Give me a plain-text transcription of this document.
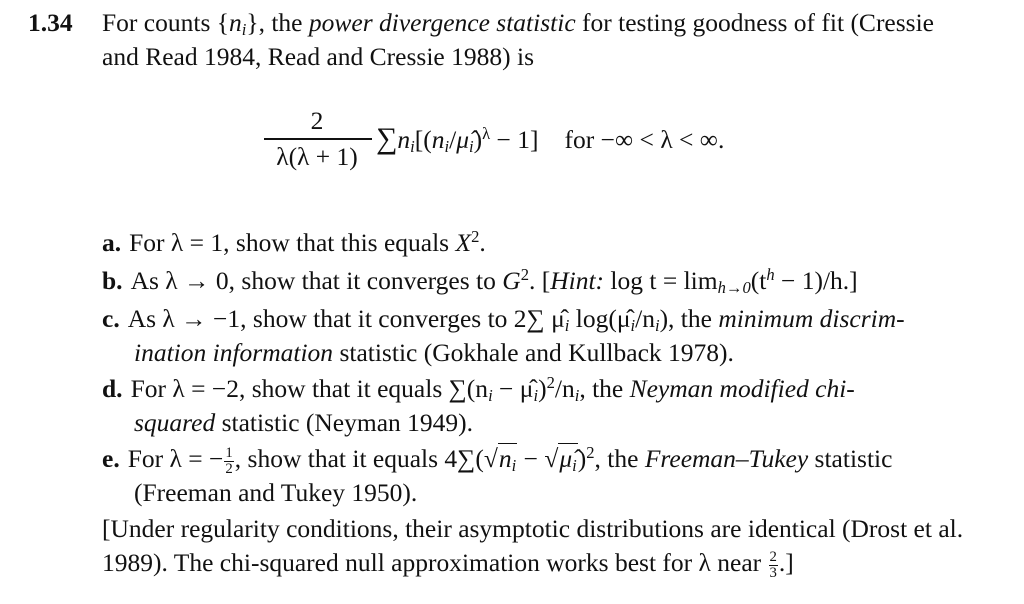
1.34 For counts $\{n_i\}$, the power divergence statistic for testing goodness of fit (Cressie
and Read 1984, Read and Cressie 1988) is
2
λ(λ + 1)
$\sum n_i[(n_i/\mû_i)^\lambda - 1]$ for −∞ < λ < ∞.
a. For λ = 1, show that this equals $X^2$.
b. As λ → 0, show that it converges to $G^2$. [Hint: $\log t = \lim_{h\to 0}(t^h - 1)/h$.]
c. As λ → −1, show that it converges to 2∑ $\mû_i$ $\log(\mû_i/n_i)$, the minimum discrim-
ination information statistic (Gokhale and Kullback 1978).
d. For λ = −2, show that it equals $\sum(n_i$ − $\mû_i)^2/n_i$, the Neyman modified chi-
squared statistic (Neyman 1949).
e. For λ = − $\frac{1}{2}$ , show that it equals $4\sum(√n_i$ − $√\mû_i)^2$, the Freeman–Tukey statistic
(Freeman and Tukey 1950).
[Under regularity conditions, their asymptotic distributions are identical (Drost et al.
1989). The chi-squared null approximation works best for λ near $\frac{2}{3}$ .]
